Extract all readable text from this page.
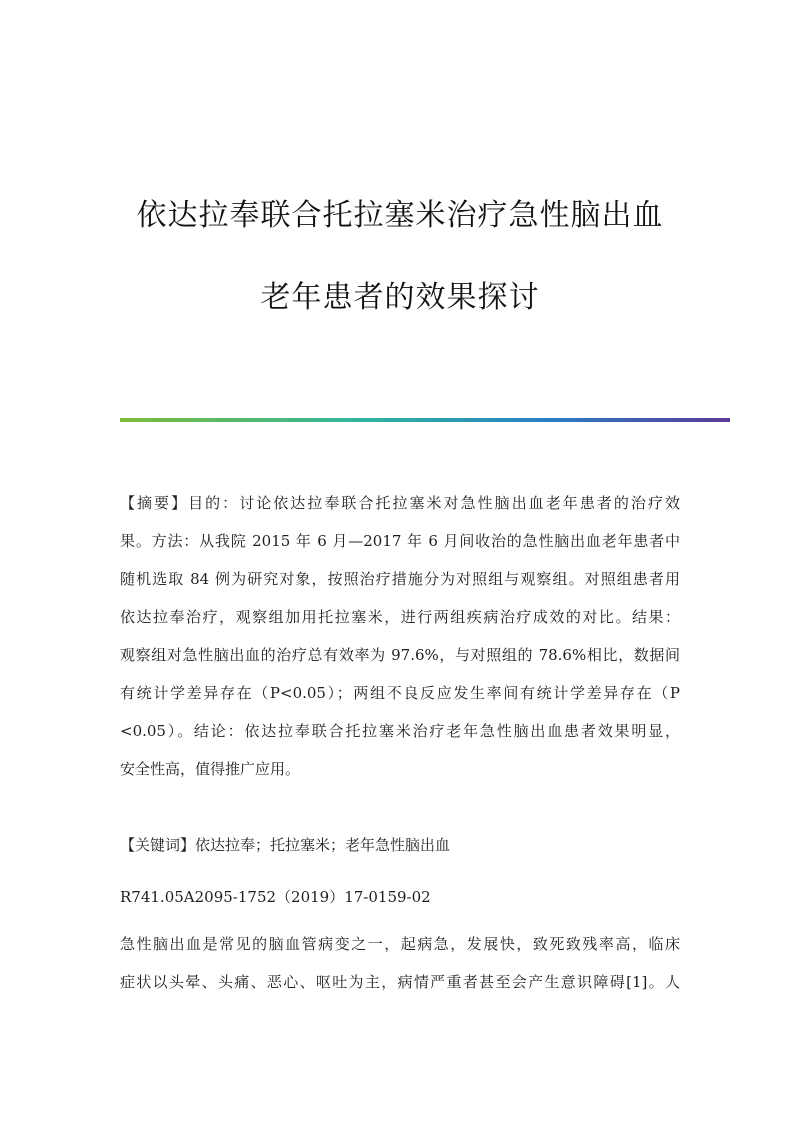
依达拉奉联合托拉塞米治疗急性脑出血
老年患者的效果探讨
【摘要】目的：讨论依达拉奉联合托拉塞米对急性脑出血老年患者的治疗效
果。方法：从我院 2015 年 6 月—2017 年 6 月间收治的急性脑出血老年患者中
随机选取 84 例为研究对象，按照治疗措施分为对照组与观察组。对照组患者用
依达拉奉治疗，观察组加用托拉塞米，进行两组疾病治疗成效的对比。结果：
观察组对急性脑出血的治疗总有效率为 97.6%，与对照组的 78.6%相比，数据间
有统计学差异存在（P<0.05）；两组不良反应发生率间有统计学差异存在（P
<0.05）。结论：依达拉奉联合托拉塞米治疗老年急性脑出血患者效果明显，
安全性高，值得推广应用。
【关键词】依达拉奉；托拉塞米；老年急性脑出血
R741.05A2095-1752（2019）17-0159-02
急性脑出血是常见的脑血管病变之一，起病急，发展快，致死致残率高，临床
症状以头晕、头痛、恶心、呕吐为主，病情严重者甚至会产生意识障碍[1]。人
